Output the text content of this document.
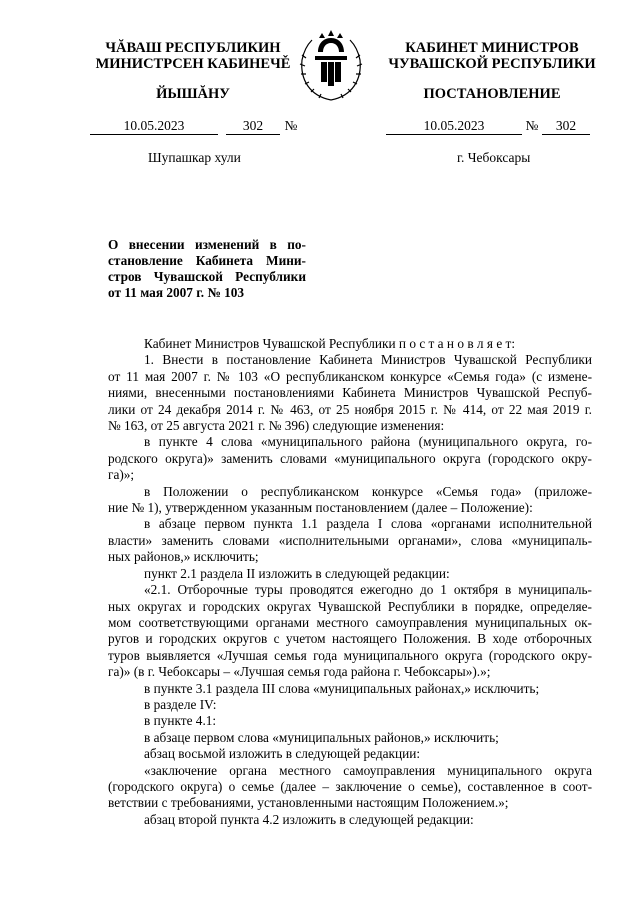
ЧĂВАШ РЕСПУБЛИКИН
МИНИСТРСЕН КАБИНЕЧĚ
КАБИНЕТ МИНИСТРОВ
ЧУВАШСКОЙ РЕСПУБЛИКИ
ЙЫШĂНУ	ПОСТАНОВЛЕНИЕ
10.05.2023	302	№	10.05.2023	№	302
Шупашкар хули	г. Чебоксары
О внесении изменений в по-
становление Кабинета Мини-
стров Чувашской Республики
от 11 мая 2007 г. № 103
Кабинет Министров Чувашской Республики п о с т а н о в л я е т:
1. Внести в постановление Кабинета Министров Чувашской Республики
от 11 мая 2007 г. № 103 «О республиканском конкурсе «Семья года» (с измене-
ниями, внесенными постановлениями Кабинета Министров Чувашской Респуб-
лики от 24 декабря 2014 г. № 463, от 25 ноября 2015 г. № 414, от 22 мая 2019 г.
№ 163, от 25 августа 2021 г. № 396) следующие изменения:
в пункте 4 слова «муниципального района (муниципального округа, го-
родского округа)» заменить словами «муниципального округа (городского окру-
га)»;
в Положении о республиканском конкурсе «Семья года» (приложе-
ние № 1), утвержденном указанным постановлением (далее – Положение):
в абзаце первом пункта 1.1 раздела I слова «органами исполнительной
власти» заменить словами «исполнительными органами», слова «муниципаль-
ных районов,» исключить;
пункт 2.1 раздела II изложить в следующей редакции:
«2.1. Отборочные туры проводятся ежегодно до 1 октября в муниципаль-
ных округах и городских округах Чувашской Республики в порядке, определяе-
мом соответствующими органами местного самоуправления муниципальных ок-
ругов и городских округов с учетом настоящего Положения. В ходе отборочных
туров выявляется «Лучшая семья года муниципального округа (городского окру-
га)» (в г. Чебоксары – «Лучшая семья года района г. Чебоксары»).»;
в пункте 3.1 раздела III слова «муниципальных районах,» исключить;
в разделе IV:
в пункте 4.1:
в абзаце первом слова «муниципальных районов,» исключить;
абзац восьмой изложить в следующей редакции:
«заключение органа местного самоуправления муниципального округа
(городского округа) о семье (далее – заключение о семье), составленное в соот-
ветствии с требованиями, установленными настоящим Положением.»;
абзац второй пункта 4.2 изложить в следующей редакции:
